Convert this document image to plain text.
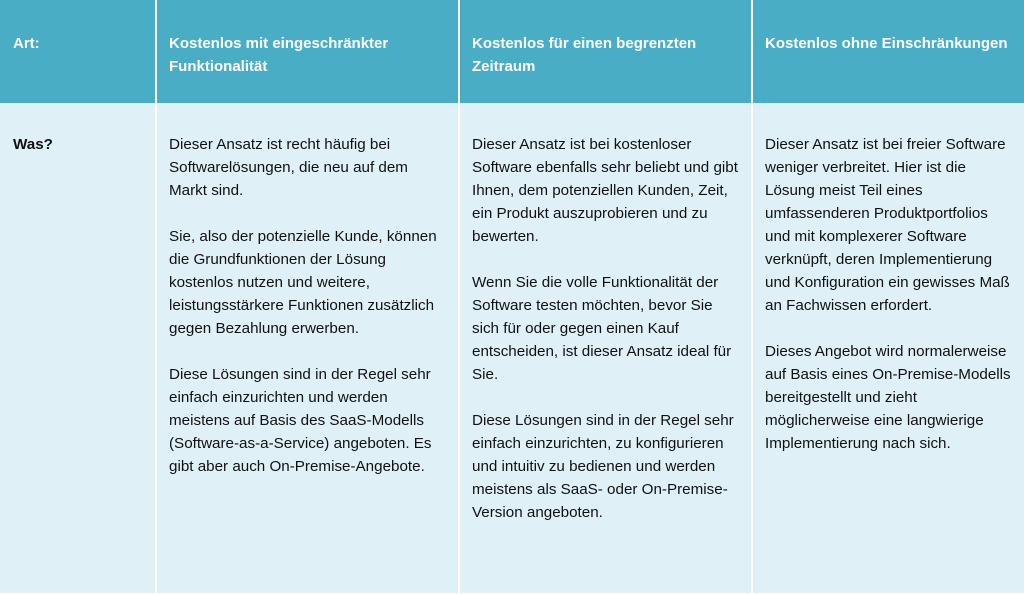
Art:	Kostenlos mit eingeschränkter Funktionalität

Kostenlos für einen begrenzten Zeitraum

Kostenlos ohne Einschränkungen

Was?	Dieser Ansatz ist recht häufig bei Softwarelösungen, die neu auf dem Markt sind.

Sie, also der potenzielle Kunde, können die Grundfunktionen der Lösung kostenlos nutzen und weitere, leistungsstärkere Funktionen zusätzlich gegen Bezahlung erwerben.

Diese Lösungen sind in der Regel sehr einfach einzurichten und werden meistens auf Basis des SaaS-Modells (Software-as-a-Service) angeboten. Es gibt aber auch On-Premise-Angebote.

Dieser Ansatz ist bei kostenloser Software ebenfalls sehr beliebt und gibt Ihnen, dem potenziellen Kunden, Zeit, ein Produkt auszuprobieren und zu bewerten.

Wenn Sie die volle Funktionalität der Software testen möchten, bevor Sie sich für oder gegen einen Kauf entscheiden, ist dieser Ansatz ideal für Sie.

Diese Lösungen sind in der Regel sehr einfach einzurichten, zu konfigurieren und intuitiv zu bedienen und werden meistens als SaaS- oder On-Premise-Version angeboten.

Dieser Ansatz ist bei freier Software weniger verbreitet. Hier ist die Lösung meist Teil eines umfassenderen Produktportfolios und mit komplexerer Software verknüpft, deren Implementierung und Konfiguration ein gewisses Maß an Fachwissen erfordert.

Dieses Angebot wird normalerweise auf Basis eines On-Premise-Modells bereitgestellt und zieht möglicherweise eine langwierige Implementierung nach sich.
